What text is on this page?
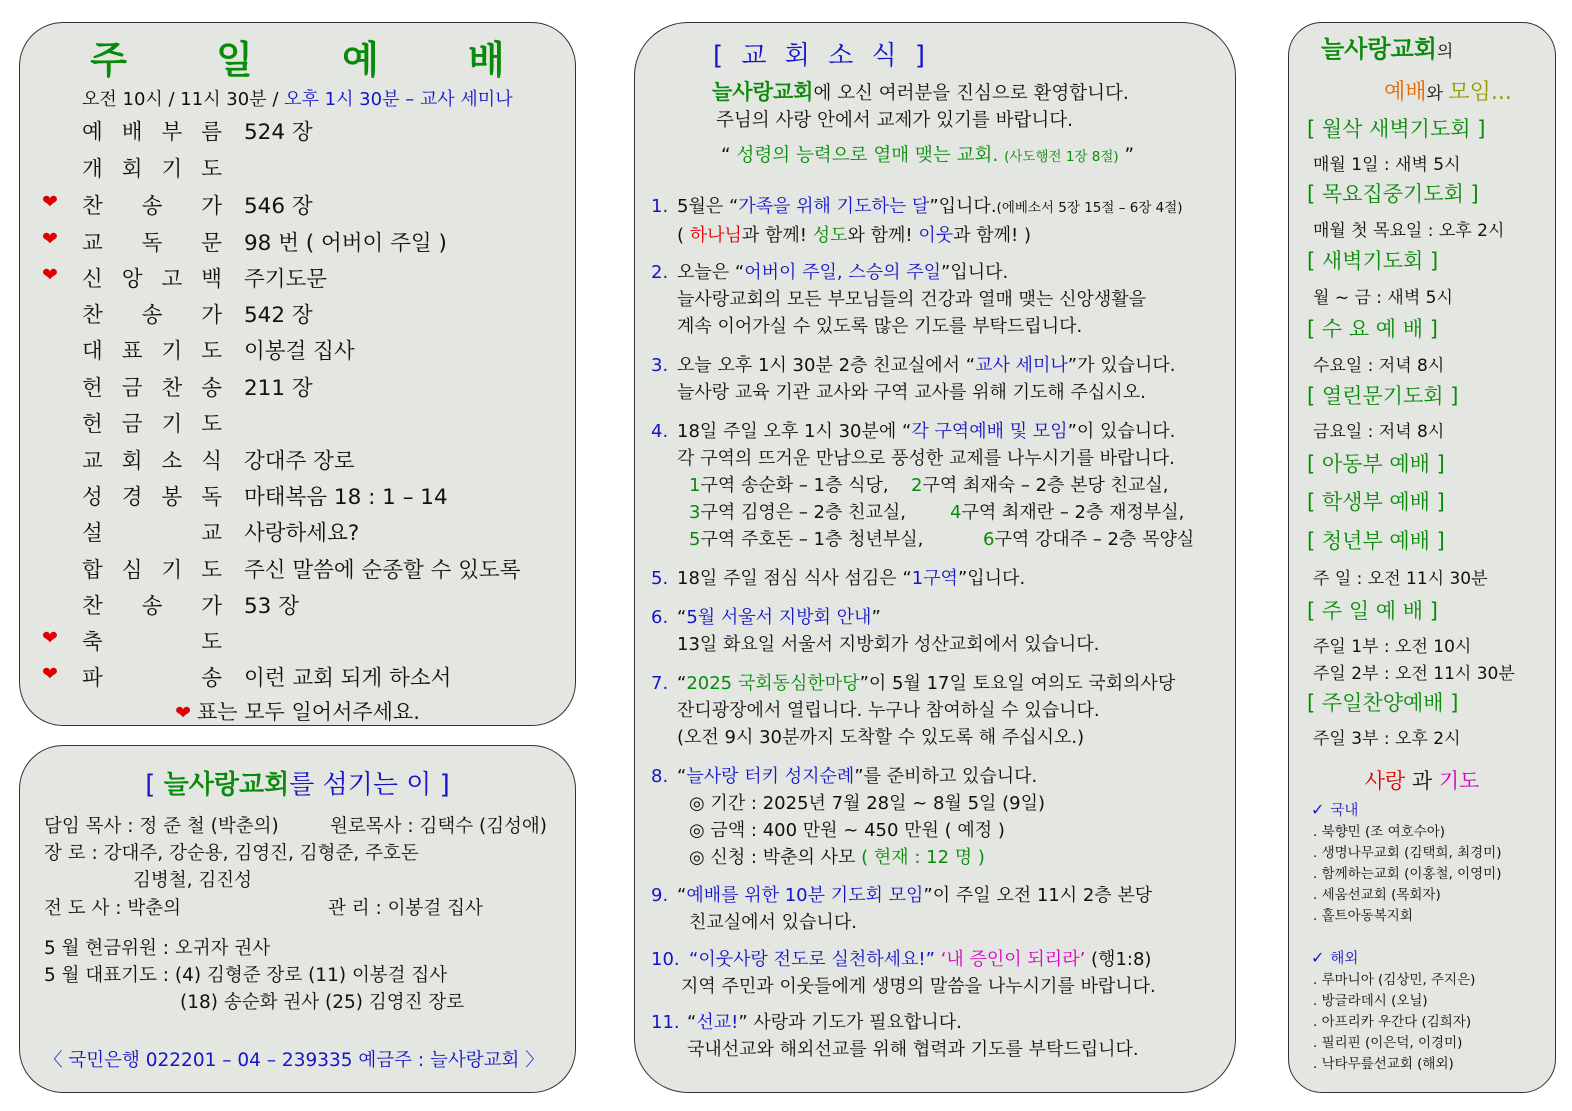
주 일 예 배
오전 10시 / 11시 30분 / 오후 1시 30분 – 교사 세미나
예 배 부 름 524 장
개 회 기 도
❤ 찬 송 가 546 장
❤ 교 독 문 98 번 ( 어버이 주일 )
❤ 신 앙 고 백 주기도문
찬 송 가 542 장
대 표 기 도 이봉걸 집사
헌 금 찬 송 211 장
헌 금 기 도
교 회 소 식 강대주 장로
성 경 봉 독 마태복음 18 : 1 – 14
설	교 사랑하세요?
합 심 기 도 주신 말씀에 순종할 수 있도록
찬 송 가 53 장
❤ 축	도
❤ 파	송 이런 교회 되게 하소서
❤ 표는 모두 일어서주세요.
[ 늘사랑교회를 섬기는 이 ]
담임 목사 : 정 준 철 (박춘의)	원로목사 : 김택수 (김성애)
장 로 : 강대주, 강순용, 김영진, 김형준, 주호돈
김병철, 김진성
전 도 사 : 박춘의	관 리 : 이봉걸 집사
5 월 현금위원 : 오귀자 권사
5 월 대표기도 : (4) 김형준 장로 (11) 이봉걸 집사
(18) 송순화 권사 (25) 김영진 장로
〈 국민은행 022201 – 04 – 239335 예금주 : 늘사랑교회 〉
[ 교 회 소 식 ]
늘사랑교회에 오신 여러분을 진심으로 환영합니다.
주님의 사랑 안에서 교제가 있기를 바랍니다.
“ 성령의 능력으로 열매 맺는 교회. (사도행전 1장 8절) ”
1. 5월은 “가족을 위해 기도하는 달”입니다.(에베소서 5장 15절 – 6장 4절)
( 하나님과 함께! 성도와 함께! 이웃과 함께! )
2. 오늘은 “어버이 주일, 스승의 주일”입니다.
늘사랑교회의 모든 부모님들의 건강과 열매 맺는 신앙생활을
계속 이어가실 수 있도록 많은 기도를 부탁드립니다.
3. 오늘 오후 1시 30분 2층 친교실에서 “교사 세미나”가 있습니다.
늘사랑 교육 기관 교사와 구역 교사를 위해 기도해 주십시오.
4. 18일 주일 오후 1시 30분에 “각 구역예배 및 모임”이 있습니다.
각 구역의 뜨거운 만남으로 풍성한 교제를 나누시기를 바랍니다.
1구역 송순화 – 1층 식당, 2구역 최재숙 – 2층 본당 친교실,
3구역 김영은 – 2층 친교실, 4구역 최재란 – 2층 재정부실,
5구역 주호돈 – 1층 청년부실,	6구역 강대주 – 2층 목양실
5. 18일 주일 점심 식사 섬김은 “1구역”입니다.
6. “5월 서울서 지방회 안내”
13일 화요일 서울서 지방회가 성산교회에서 있습니다.
7. “2025 국회동심한마당”이 5월 17일 토요일 여의도 국회의사당
잔디광장에서 열립니다. 누구나 참여하실 수 있습니다.
(오전 9시 30분까지 도착할 수 있도록 해 주십시오.)
8. “늘사랑 터키 성지순례”를 준비하고 있습니다.
◎ 기간 : 2025년 7월 28일 ~ 8월 5일 (9일)
◎ 금액 : 400 만원 ~ 450 만원 ( 예정 )
◎ 신청 : 박춘의 사모 ( 현재 : 12 명 )
9. “예배를 위한 10분 기도회 모임”이 주일 오전 11시 2층 본당
친교실에서 있습니다.
10. “이웃사랑 전도로 실천하세요!” ‘내 증인이 되리라’ (행1:8)
지역 주민과 이웃들에게 생명의 말씀을 나누시기를 바랍니다.
11. “선교!” 사랑과 기도가 필요합니다.
국내선교와 해외선교를 위해 협력과 기도를 부탁드립니다.
늘사랑교회의
예배와 모임...
[ 월삭 새벽기도회 ]
매월 1일 : 새벽 5시
[ 목요집중기도회 ]
매월 첫 목요일 : 오후 2시
[ 새벽기도회 ]
월 ~ 금 : 새벽 5시
[ 수 요 예 배 ]
수요일 : 저녁 8시
[ 열린문기도회 ]
금요일 : 저녁 8시
[ 아동부 예배 ]
[ 학생부 예배 ]
[ 청년부 예배 ]
주 일 : 오전 11시 30분
[ 주 일 예 배 ]
주일 1부 : 오전 10시
주일 2부 : 오전 11시 30분
[ 주일찬양예배 ]
주일 3부 : 오후 2시
사랑 과 기도
✓ 국내
. 북향민 (조 여호수아)
. 생명나무교회 (김택희, 최경미)
. 함께하는교회 (이홍철, 이영미)
. 세움선교회 (목회자)
. 홀트아동복지회
✓ 해외
. 루마니아 (김상민, 주지은)
. 방글라데시 (오닐)
. 아프리카 우간다 (김희자)
. 필리핀 (이은덕, 이경미)
. 낙타무릎선교회 (해외)
